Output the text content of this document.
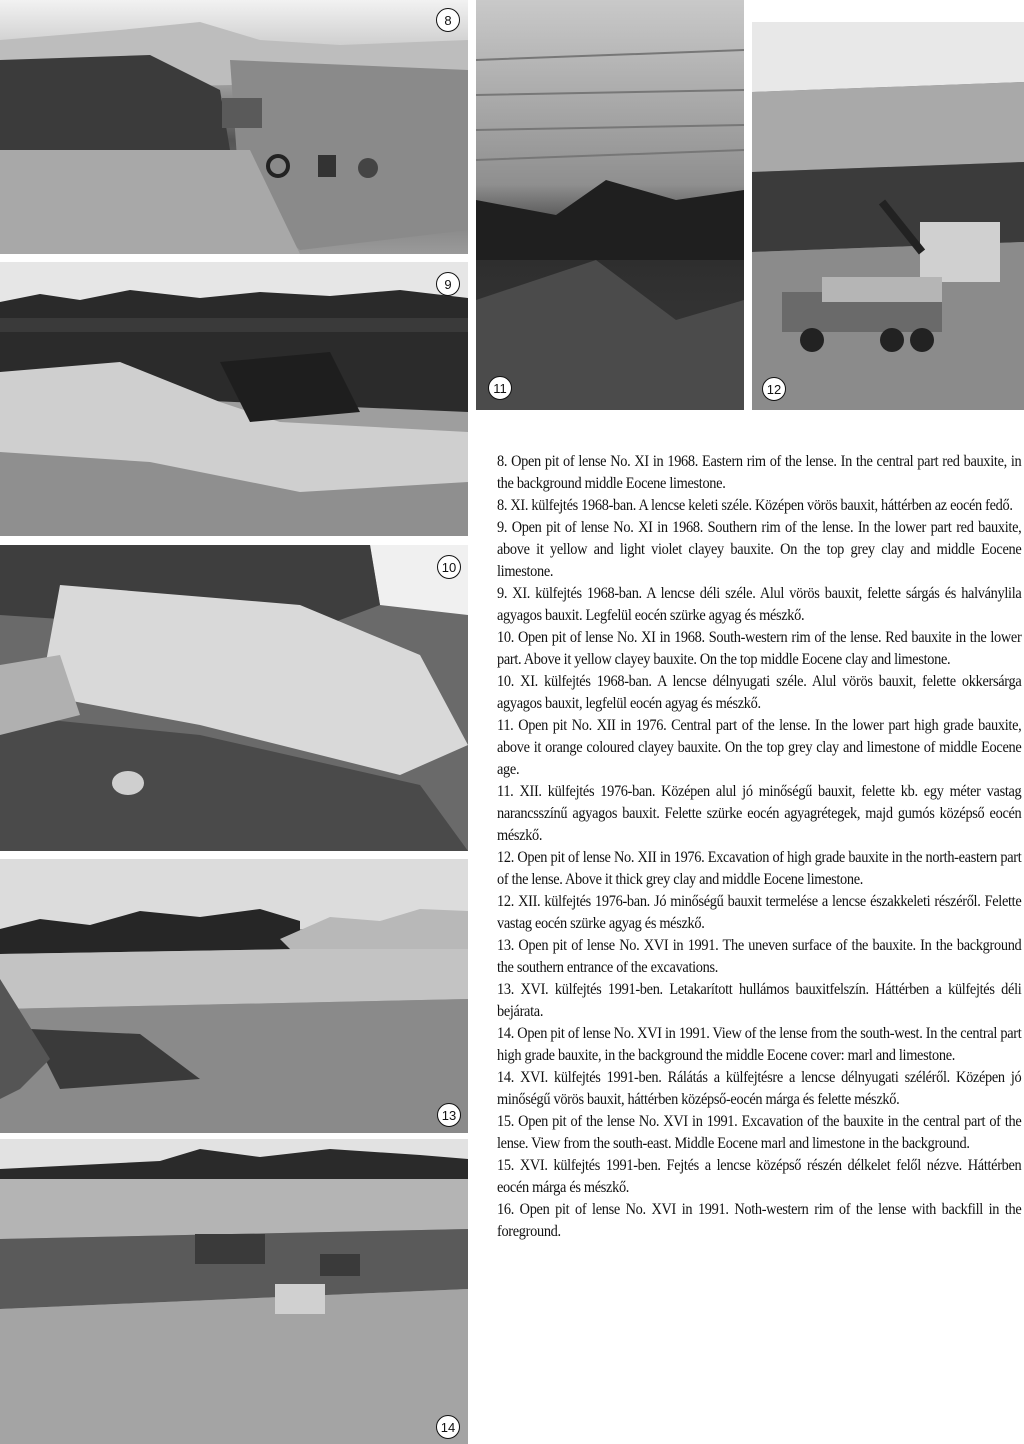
8
9
10
11	12
13
14

8. Open pit of lense No. XI in 1968. Eastern rim of the lense. In the central part red bauxite, in the background middle Eocene limestone.

8. XI. külfejtés 1968-ban. A lencse keleti széle. Középen vörös bauxit, háttérben az eocén fedő.

9. Open pit of lense No. XI in 1968. Southern rim of the lense. In the lower part red bauxite, above it yellow and light violet clayey bauxite. On the top grey clay and middle Eocene limestone.

9. XI. külfejtés 1968-ban. A lencse déli széle. Alul vörös bauxit, felette sárgás és halványlila agyagos bauxit. Legfelül eocén szürke agyag és mészkő.

10. Open pit of lense No. XI in 1968. South-western rim of the lense. Red bauxite in the lower part. Above it yellow clayey bauxite. On the top middle Eocene clay and limestone.

10. XI. külfejtés 1968-ban. A lencse délnyugati széle. Alul vörös bauxit, felette okkersárga agyagos bauxit, legfelül eocén agyag és mészkő.

11. Open pit No. XII in 1976. Central part of the lense. In the lower part high grade bauxite, above it orange coloured clayey bauxite. On the top grey clay and limestone of middle Eocene age.

11. XII. külfejtés 1976-ban. Középen alul jó minőségű bauxit, felette kb. egy méter vastag narancsszínű agyagos bauxit. Felette szürke eocén agyagrétegek, majd gumós középső eocén mészkő.

12. Open pit of lense No. XII in 1976. Excavation of high grade bauxite in the north-eastern part of the lense. Above it thick grey clay and middle Eocene limestone.

12. XII. külfejtés 1976-ban. Jó minőségű bauxit termelése a lencse északkeleti részéről. Felette vastag eocén szürke agyag és mészkő.

13. Open pit of lense No. XVI in 1991. The uneven surface of the bauxite. In the background the southern entrance of the excavations.

13. XVI. külfejtés 1991-ben. Letakarított hullámos bauxitfelszín. Háttérben a külfejtés déli bejárata.

14. Open pit of lense No. XVI in 1991. View of the lense from the south-west. In the central part high grade bauxite, in the background the middle Eocene cover: marl and limestone.

14. XVI. külfejtés 1991-ben. Rálátás a külfejtésre a lencse délnyugati széléről. Középen jó minőségű vörös bauxit, háttérben középső-eocén márga és felette mészkő.

15. Open pit of the lense No. XVI in 1991. Excavation of the bauxite in the central part of the lense. View from the south-east. Middle Eocene marl and limestone in the background.

15. XVI. külfejtés 1991-ben. Fejtés a lencse középső részén délkelet felől nézve. Háttérben eocén márga és mészkő.

16. Open pit of lense No. XVI in 1991. Noth-western rim of the lense with backfill in the foreground.
